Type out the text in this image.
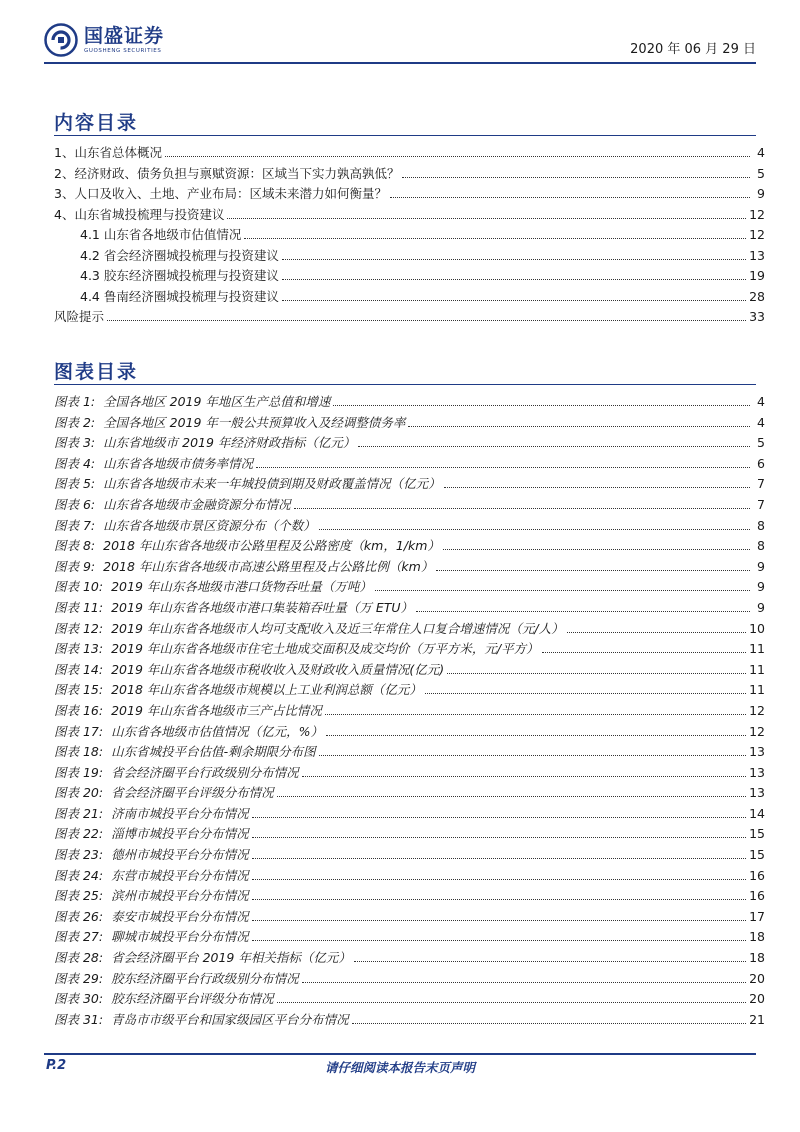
国盛证券
GUOSHENG SECURITIES	2020 年 06 月 29 日
内容目录
1、山东省总体概况	4
2、经济财政、债务负担与禀赋资源：区域当下实力孰高孰低？	5
3、人口及收入、土地、产业布局：区域未来潜力如何衡量？	9
4、山东省城投梳理与投资建议	12
4.1 山东省各地级市估值情况	12
4.2 省会经济圈城投梳理与投资建议	13
4.3 胶东经济圈城投梳理与投资建议	19
4.4 鲁南经济圈城投梳理与投资建议	28
风险提示	33
图表目录
图表 1: 全国各地区 2019 年地区生产总值和增速	4
图表 2: 全国各地区 2019 年一般公共预算收入及经调整债务率	4
图表 3: 山东省地级市 2019 年经济财政指标（亿元）	5
图表 4: 山东省各地级市债务率情况	6
图表 5: 山东省各地级市未来一年城投债到期及财政覆盖情况（亿元）	7
图表 6: 山东省各地级市金融资源分布情况	7
图表 7: 山东省各地级市景区资源分布（个数）	8
图表 8: 2018 年山东省各地级市公路里程及公路密度（km，1/km）	8
图表 9: 2018 年山东省各地级市高速公路里程及占公路比例（km）	9
图表 10: 2019 年山东各地级市港口货物吞吐量（万吨）	9
图表 11: 2019 年山东省各地级市港口集装箱吞吐量（万 ETU）	9
图表 12: 2019 年山东省各地级市人均可支配收入及近三年常住人口复合增速情况（元/人）	10
图表 13: 2019 年山东省各地级市住宅土地成交面积及成交均价（万平方米，元/平方）	11
图表 14: 2019 年山东省各地级市税收收入及财政收入质量情况(亿元)	11
图表 15: 2018 年山东省各地级市规模以上工业利润总额（亿元）	11
图表 16: 2019 年山东省各地级市三产占比情况	12
图表 17: 山东省各地级市估值情况（亿元，%）	12
图表 18: 山东省城投平台估值-剩余期限分布图	13
图表 19: 省会经济圈平台行政级别分布情况	13
图表 20: 省会经济圈平台评级分布情况	13
图表 21: 济南市城投平台分布情况	14
图表 22: 淄博市城投平台分布情况	15
图表 23: 德州市城投平台分布情况	15
图表 24: 东营市城投平台分布情况	16
图表 25: 滨州市城投平台分布情况	16
图表 26: 泰安市城投平台分布情况	17
图表 27: 聊城市城投平台分布情况	18
图表 28: 省会经济圈平台 2019 年相关指标（亿元）	18
图表 29: 胶东经济圈平台行政级别分布情况	20
图表 30: 胶东经济圈平台评级分布情况	20
图表 31: 青岛市市级平台和国家级园区平台分布情况	21
请仔细阅读本报告末页声明
P.2
